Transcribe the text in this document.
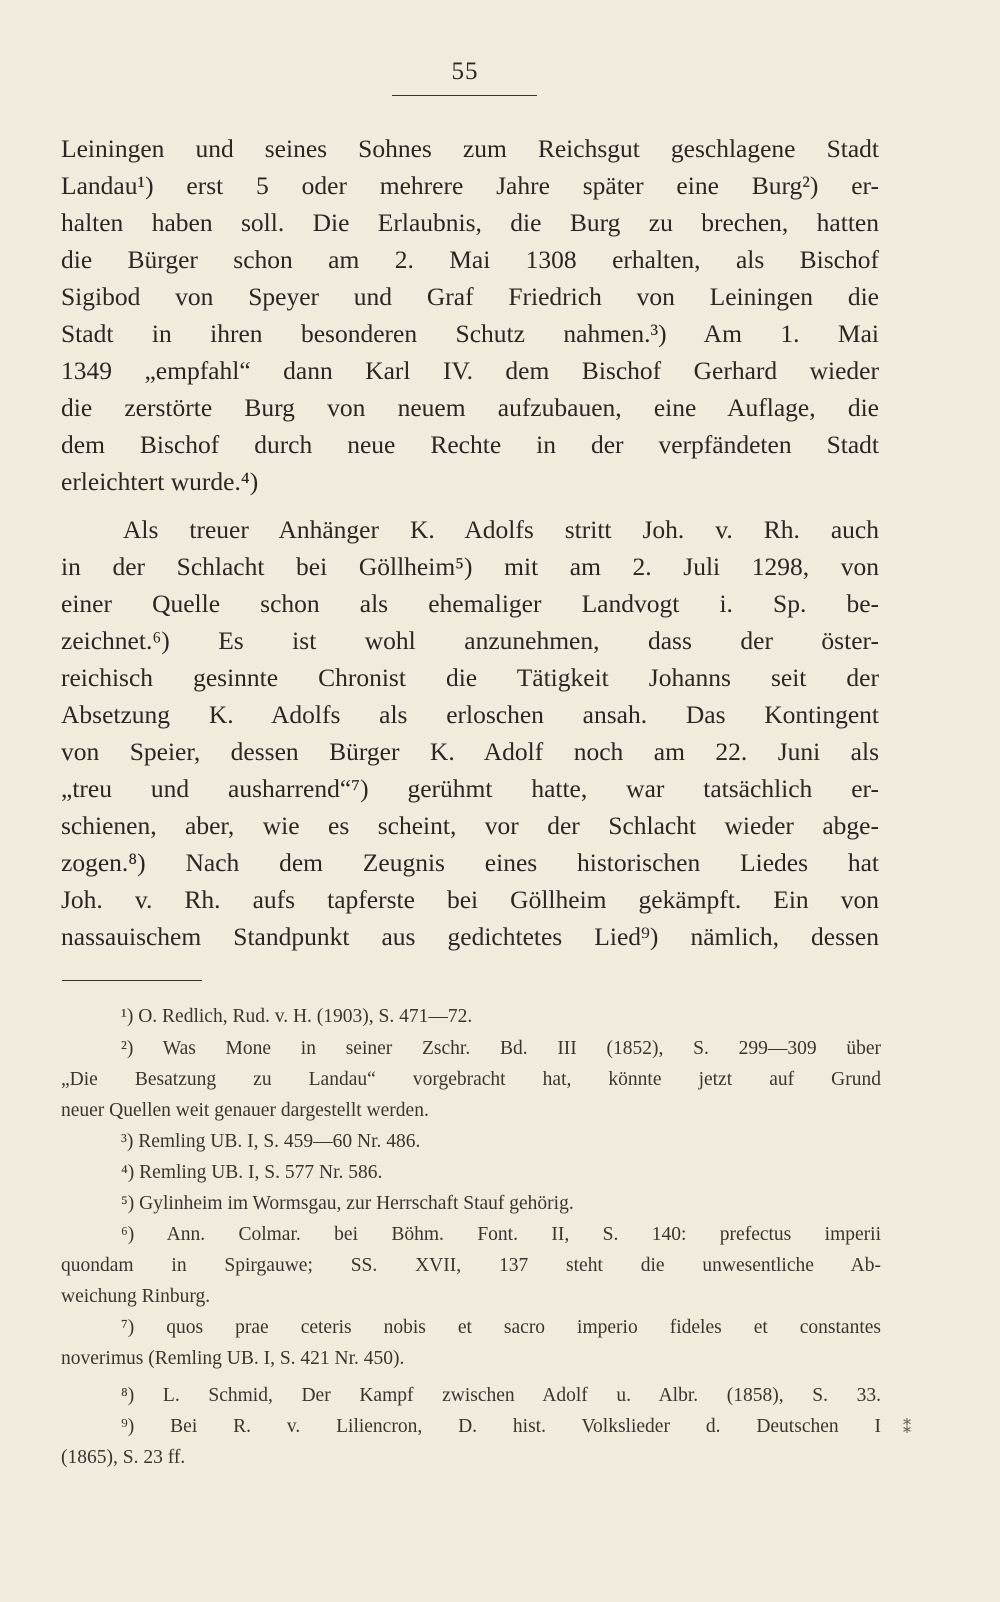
55
Leiningen und seines Sohnes zum Reichsgut geschlagene Stadt
Landau¹) erst 5 oder mehrere Jahre später eine Burg²) er-
halten haben soll. Die Erlaubnis, die Burg zu brechen, hatten
die Bürger schon am 2. Mai 1308 erhalten, als Bischof
Sigibod von Speyer und Graf Friedrich von Leiningen die
Stadt in ihren besonderen Schutz nahmen.³) Am 1. Mai
1349 „empfahl“ dann Karl IV. dem Bischof Gerhard wieder
die zerstörte Burg von neuem aufzubauen, eine Auflage, die
dem Bischof durch neue Rechte in der verpfändeten Stadt
erleichtert wurde.⁴)
Als treuer Anhänger K. Adolfs stritt Joh. v. Rh. auch
in der Schlacht bei Göllheim⁵) mit am 2. Juli 1298, von
einer Quelle schon als ehemaliger Landvogt i. Sp. be-
zeichnet.⁶) Es ist wohl anzunehmen, dass der öster-
reichisch gesinnte Chronist die Tätigkeit Johanns seit der
Absetzung K. Adolfs als erloschen ansah. Das Kontingent
von Speier, dessen Bürger K. Adolf noch am 22. Juni als
„treu und ausharrend“⁷) gerühmt hatte, war tatsächlich er-
schienen, aber, wie es scheint, vor der Schlacht wieder abge-
zogen.⁸) Nach dem Zeugnis eines historischen Liedes hat
Joh. v. Rh. aufs tapferste bei Göllheim gekämpft. Ein von
nassauischem Standpunkt aus gedichtetes Lied⁹) nämlich, dessen
¹) O. Redlich, Rud. v. H. (1903), S. 471—72.
²) Was Mone in seiner Zschr. Bd. III (1852), S. 299—309 über
„Die Besatzung zu Landau“ vorgebracht hat, könnte jetzt auf Grund
neuer Quellen weit genauer dargestellt werden.
³) Remling UB. I, S. 459—60 Nr. 486.
⁴) Remling UB. I, S. 577 Nr. 586.
⁵) Gylinheim im Wormsgau, zur Herrschaft Stauf gehörig.
⁶) Ann. Colmar. bei Böhm. Font. II, S. 140: prefectus imperii
quondam in Spirgauwe; SS. XVII, 137 steht die unwesentliche Ab-
weichung Rinburg.
⁷) quos prae ceteris nobis et sacro imperio fideles et constantes
noverimus (Remling UB. I, S. 421 Nr. 450).
⁸) L. Schmid, Der Kampf zwischen Adolf u. Albr. (1858), S. 33.
⁹) Bei R. v. Liliencron, D. hist. Volkslieder d. Deutschen I
(1865), S. 23 ff.
⁑
